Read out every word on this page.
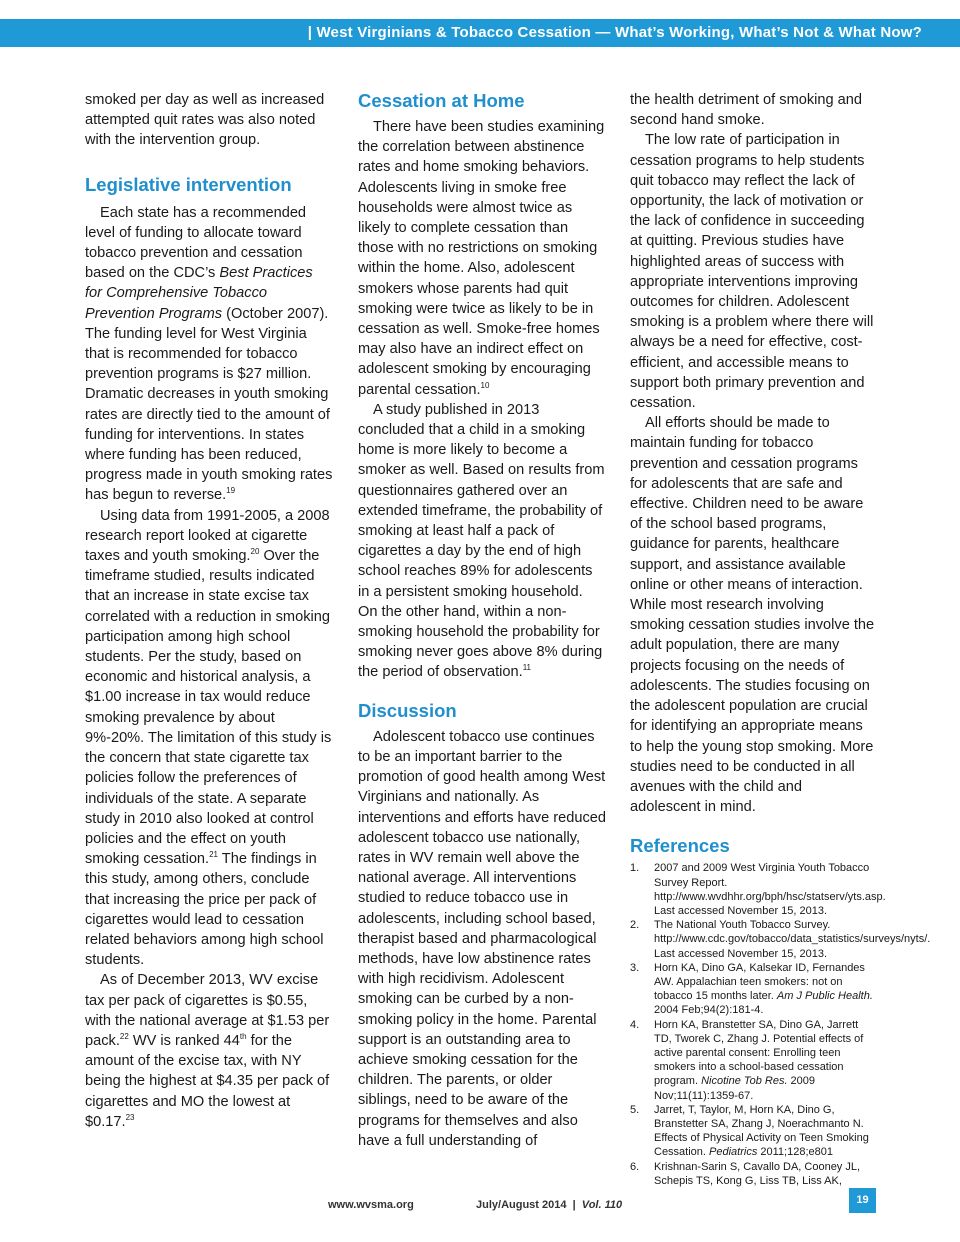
| West Virginians & Tobacco Cessation — What’s Working, What’s Not & What Now?

smoked per day as well as increased attempted quit rates was also noted with the intervention group.

Legislative intervention

Each state has a recommended level of funding to allocate toward tobacco prevention and cessation based on the CDC’s Best Practices for Comprehensive Tobacco Prevention Programs (October 2007). The funding level for West Virginia that is recommended for tobacco prevention programs is $27 million. Dramatic decreases in youth smoking rates are directly tied to the amount of funding for interventions. In states where funding has been reduced, progress made in youth smoking rates has begun to reverse.$^{19}$

Using data from 1991-2005, a 2008 research report looked at cigarette taxes and youth smoking.$^{20}$ Over the timeframe studied, results indicated that an increase in state excise tax correlated with a reduction in smoking participation among high school students. Per the study, based on economic and historical analysis, a $1.00 increase in tax would reduce smoking prevalence by about 9%-20%. The limitation of this study is the concern that state cigarette tax policies follow the preferences of individuals of the state. A separate study in 2010 also looked at control policies and the effect on youth smoking cessation.$^{21}$ The findings in this study, among others, conclude that increasing the price per pack of cigarettes would lead to cessation related behaviors among high school students.

As of December 2013, WV excise tax per pack of cigarettes is $0.55, with the national average at $1.53 per pack.$^{22}$ WV is ranked 44th for the amount of the excise tax, with NY being the highest at $4.35 per pack of cigarettes and MO the lowest at $0.17.23

Cessation at Home

There have been studies examining the correlation between abstinence rates and home smoking behaviors. Adolescents living in smoke free households were almost twice as likely to complete cessation than those with no restrictions on smoking within the home. Also, adolescent smokers whose parents had quit smoking were twice as likely to be in cessation as well. Smoke-free homes may also have an indirect effect on adolescent smoking by encouraging parental cessation.$^{10}$

A study published in 2013 concluded that a child in a smoking home is more likely to become a smoker as well. Based on results from questionnaires gathered over an extended timeframe, the probability of smoking at least half a pack of cigarettes a day by the end of high school reaches 89% for adolescents in a persistent smoking household. On the other hand, within a non-smoking household the probability for smoking never goes above 8% during the period of observation.$^{11}$

Discussion

Adolescent tobacco use continues to be an important barrier to the promotion of good health among West Virginians and nationally. As interventions and efforts have reduced adolescent tobacco use nationally, rates in WV remain well above the national average. All interventions studied to reduce tobacco use in adolescents, including school based, therapist based and pharmacological methods, have low abstinence rates with high recidivism. Adolescent smoking can be curbed by a non-smoking policy in the home. Parental support is an outstanding area to achieve smoking cessation for the children. The parents, or older siblings, need to be aware of the programs for themselves and also have a full understanding of

the health detriment of smoking and second hand smoke.

The low rate of participation in cessation programs to help students quit tobacco may reflect the lack of opportunity, the lack of motivation or the lack of confidence in succeeding at quitting. Previous studies have highlighted areas of success with appropriate interventions improving outcomes for children. Adolescent smoking is a problem where there will always be a need for effective, cost-efficient, and accessible means to support both primary prevention and cessation.

All efforts should be made to maintain funding for tobacco prevention and cessation programs for adolescents that are safe and effective. Children need to be aware of the school based programs, guidance for parents, healthcare support, and assistance available online or other means of interaction. While most research involving smoking cessation studies involve the adult population, there are many projects focusing on the needs of adolescents. The studies focusing on the adolescent population are crucial for identifying an appropriate means to help the young stop smoking. More studies need to be conducted in all avenues with the child and adolescent in mind.

References
1. 2007 and 2009 West Virginia Youth Tobacco Survey Report. http://www.wvdhhr.org/bph/hsc/statserv/yts.asp. Last accessed November 15, 2013.
2. The National Youth Tobacco Survey. http://www.cdc.gov/tobacco/data_statistics/surveys/nyts/. Last accessed November 15, 2013.
3. Horn KA, Dino GA, Kalsekar ID, Fernandes AW. Appalachian teen smokers: not on tobacco 15 months later. Am J Public Health. 2004 Feb;94(2):181-4.
4. Horn KA, Branstetter SA, Dino GA, Jarrett TD, Tworek C, Zhang J. Potential effects of active parental consent: Enrolling teen smokers into a school-based cessation program. Nicotine Tob Res. 2009 Nov;11(11):1359-67.
5. Jarret, T, Taylor, M, Horn KA, Dino G, Branstetter SA, Zhang J, Noerachmanto N. Effects of Physical Activity on Teen Smoking Cessation. Pediatrics 2011;128;e801
6. Krishnan-Sarin S, Cavallo DA, Cooney JL, Schepis TS, Kong G, Liss TB, Liss AK,
www.wvsma.org	July/August 2014  |  Vol. 110	19
